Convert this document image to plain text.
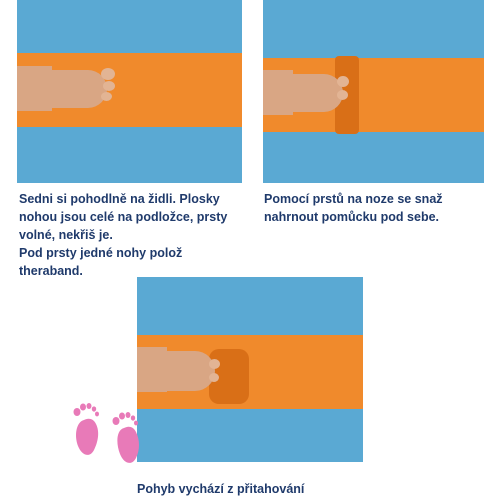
Sedni si pohodlně na židli. Plosky
nohou jsou celé na podložce, prsty
volné, nekřiš je.
Pod prsty jedné nohy polož
theraband.

Pomocí prstů na noze se snaž
nahrnout pomůcku pod sebe.

Pohyb vychází z přitahování
